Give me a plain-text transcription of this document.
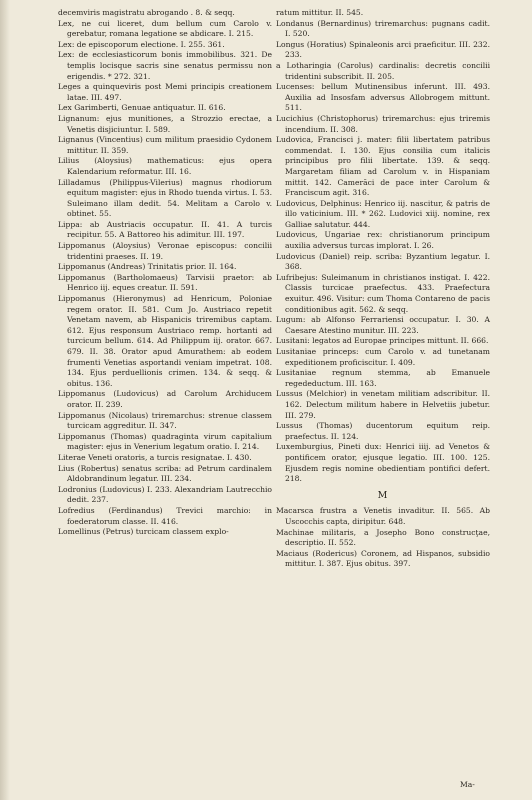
decemviris magistratu abrogando . 8. & seqq.

Lex, ne cui liceret, dum bellum cum Carolo v. gerebatur, romana legatione se abdicare. I. 215.

Lex: de episcoporum electione. I. 255. 361.

Lex: de ecclesiasticorum bonis immobilibus. 321. De templis locisque sacris sine senatus permissu non erigendis. * 272. 321.

Leges a quinqueviris post Memi principis creationem latae. III. 497.

Lex Garimberti, Genuae antiquatur. II. 616.

Lignanum: ejus munitiones, a Strozzio erectae, a Venetis disjiciuntur. I. 589.

Lignanus (Vincentius) cum militum praesidio Cydonem mittitur. II. 359.

Lilius (Aloysius) mathematicus: ejus opera Kalendarium reformatur. III. 16.

Lilladamus (Philippus-Vilerius) magnus rhodiorum equitum magister: ejus in Rhodo tuenda virtus. I. 53. Suleimano illam dedit. 54. Melitam a Carolo v. obtinet. 55.

Lippa: ab Austriacis occupatur. II. 41. A turcis recipitur. 55. A Battoreo his adimitur. III. 197.

Lippomanus (Aloysius) Veronae episcopus: concilii tridentini praeses. II. 19.

Lippomanus (Andreas) Trinitatis prior. II. 164.

Lippomanus (Bartholomaeus) Tarvisii praetor: ab Henrico iij. eques creatur. II. 591.

Lippomanus (Hieronymus) ad Henricum, Poloniae regem orator. II. 581. Cum Jo. Austriaco repetit Venetam navem, ab Hispanicis triremibus captam. 612. Ejus responsum Austriaco remp. hortanti ad turcicum bellum. 614. Ad Philippum iij. orator. 667. 679. II. 38. Orator apud Amurathem: ab eodem frumenti Venetias asportandi veniam impetrat. 108. 134. Ejus perduellionis crimen. 134. & seqq. & obitus. 136.

Lippomanus (Ludovicus) ad Carolum Archiducem orator. II. 239.

Lippomanus (Nicolaus) triremarchus: strenue classem turcicam aggreditur. II. 347.

Lippomanus (Thomas) quadraginta virum capitalium magister: ejus in Venerium legatum oratio. I. 214.

Literae Veneti oratoris, a turcis resignatae. I. 430.

Lius (Robertus) senatus scriba: ad Petrum cardinalem Aldobrandinum legatur. III. 234.

Lodronius (Ludovicus) I. 233. Alexandriam Lautrecchio dedit. 237.

Lofredius (Ferdinandus) Trevici marchio: in foederatorum classe. II. 416.

Lomellinus (Petrus) turcicam classem explo-

ratum mittitur. II. 545.

Londanus (Bernardinus) triremarchus: pugnans cadit. I. 520.

Longus (Horatius) Spinaleonis arci praeficitur. III. 232. 233.

a Lotharingia (Carolus) cardinalis: decretis concilii tridentini subscribit. II. 205.

Lucenses: bellum Mutinensibus inferunt. III. 493. Auxilia ad Insosfam adversus Allobrogem mittunt. 511.

Lucichius (Christophorus) triremarchus: ejus triremis incendium. II. 308.

Ludovica, Francisci j. mater: filii libertatem patribus commendat. I. 130. Ejus consilia cum italicis principibus pro filii libertate. 139. & seqq. Margaretam filiam ad Carolum v. in Hispaniam mittit. 142. Camerāci de pace inter Carolum & Franciscum agit. 316.

Ludovicus, Delphinus: Henrico iij. nascitur, & patris de illo vaticinium. III. * 262. Ludovici xiij. nomine, rex Galliae salutatur. 444.

Ludovicus, Ungariae rex: christianorum principum auxilia adversus turcas implorat. I. 26.

Ludovicus (Daniel) reip. scriba: Byzantium legatur. I. 368.

Lufribejus: Suleimanum in christianos instigat. I. 422. Classis turcicae praefectus. 433. Praefectura exuitur. 496. Visitur: cum Thoma Contareno de pacis conditionibus agit. 562. & seqq.

Lugum: ab Alfonso Ferrariensi occupatur. I. 30. A Caesare Atestino munitur. III. 223.

Lusitani: legatos ad Europae principes mittunt. II. 666.

Lusitaniae princeps: cum Carolo v. ad tunetanam expeditionem proficiscitur. I. 409.

Lusitaniae regnum stemma, ab Emanuele regedeductum. III. 163.

Lussus (Melchior) in venetam militiam adscribitur. II. 162. Delectum militum habere in Helvetiis jubetur. III. 279.

Lussus (Thomas) ducentorum equitum reip. praefectus. II. 124.

Luxemburgius, Pineti dux: Henrici iiij. ad Venetos & pontificem orator, ejusque legatio. III. 100. 125. Ejusdem regis nomine obedientiam pontifici defert. 218.

M

Macarsca frustra a Venetis invaditur. II. 565. Ab Uscocchis capta, diripitur. 648.

Machinae militaris, a Josepho Bono construcţae, descriptio. II. 552.

Maciaus (Rodericus) Coronem, ad Hispanos, subsidio mittitur. I. 387. Ejus obitus. 397.

Ma-
